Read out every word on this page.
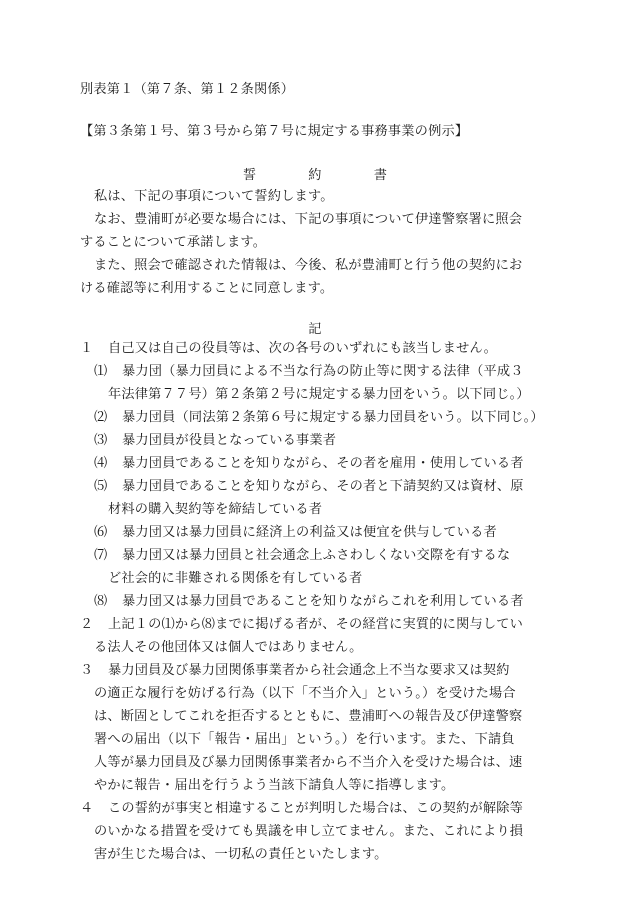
別表第１（第７条、第１２条関係）
【第３条第１号、第３号から第７号に規定する事務事業の例示】
誓	約	書
私は、下記の事項について誓約します。
なお、豊浦町が必要な場合には、下記の事項について伊達警察署に照会
することについて承諾します。
また、照会で確認された情報は、今後、私が豊浦町と行う他の契約にお
ける確認等に利用することに同意します。
記
１ 自己又は自己の役員等は、次の各号のいずれにも該当しません。
⑴ 暴力団（暴力団員による不当な行為の防止等に関する法律（平成３
年法律第７７号）第２条第２号に規定する暴力団をいう。以下同じ。）
⑵ 暴力団員（同法第２条第６号に規定する暴力団員をいう。以下同じ。）
⑶ 暴力団員が役員となっている事業者
⑷ 暴力団員であることを知りながら、その者を雇用・使用している者
⑸ 暴力団員であることを知りながら、その者と下請契約又は資材、原
材料の購入契約等を締結している者
⑹ 暴力団又は暴力団員に経済上の利益又は便宜を供与している者
⑺ 暴力団又は暴力団員と社会通念上ふさわしくない交際を有するな
ど社会的に非難される関係を有している者
⑻ 暴力団又は暴力団員であることを知りながらこれを利用している者
２ 上記１の⑴から⑻までに掲げる者が、その経営に実質的に関与してい
る法人その他団体又は個人ではありません。
３ 暴力団員及び暴力団関係事業者から社会通念上不当な要求又は契約
の適正な履行を妨げる行為（以下「不当介入」という。）を受けた場合
は、断固としてこれを拒否するとともに、豊浦町への報告及び伊達警察
署への届出（以下「報告・届出」という。）を行います。また、下請負
人等が暴力団員及び暴力団関係事業者から不当介入を受けた場合は、速
やかに報告・届出を行うよう当該下請負人等に指導します。
４ この誓約が事実と相違することが判明した場合は、この契約が解除等
のいかなる措置を受けても異議を申し立てません。また、これにより損
害が生じた場合は、一切私の責任といたします。
